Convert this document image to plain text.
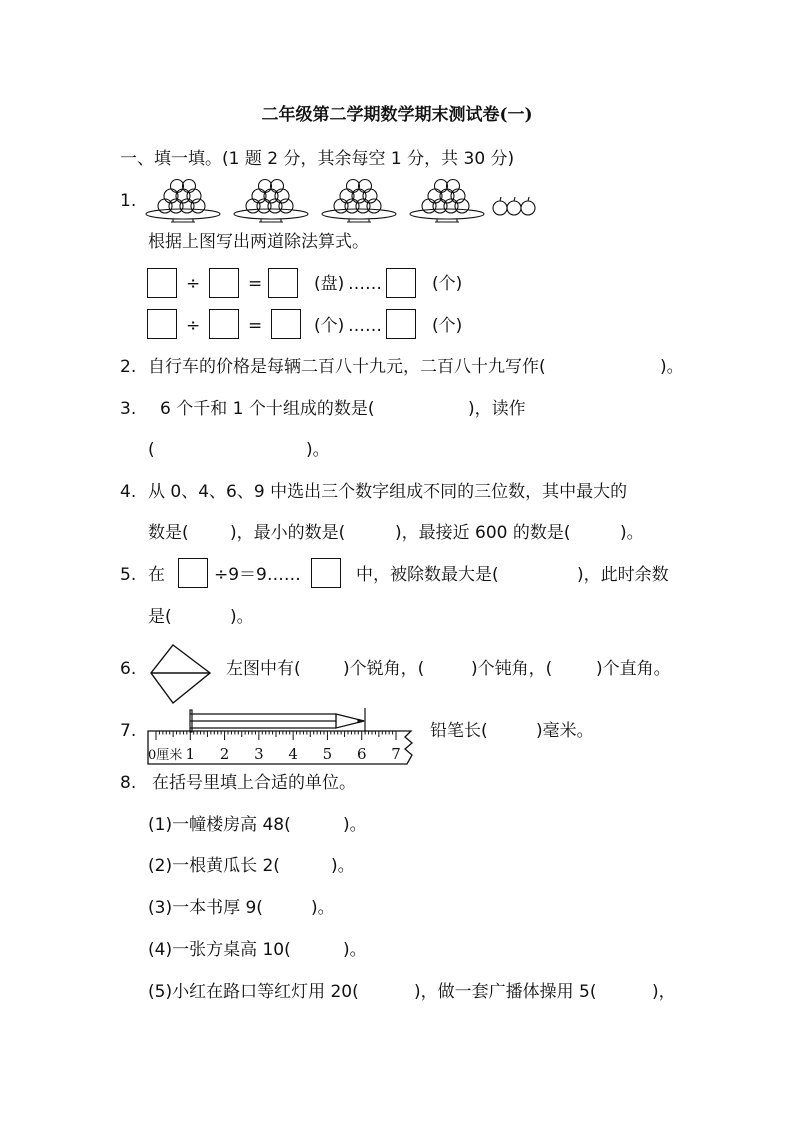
二年级第二学期数学期末测试卷(一)
一、填一填。(1 题 2 分，其余每空 1 分，共 30 分)
1.
根据上图写出两道除法算式。
÷	=	(盘) ……	(个)
÷	=	(个) ……	(个)
2. 自行车的价格是每辆二百八十九元，二百八十九写作(	)。
3. 6 个千和 1 个十组成的数是(	)，读作
(	)。
4. 从 0、4、6、9 中选出三个数字组成不同的三位数，其中最大的
数是( )，最小的数是(	)，最接近 600 的数是(	)。
5. 在	÷9＝9……	中，被除数最大是(	)，此时余数
是(	)。
6.	左图中有( )个锐角，(	)个钝角，(	)个直角。
7.
0厘米 1 2 3 4 5 6 7
铅笔长(	)毫米。
8. 在括号里填上合适的单位。
(1)一幢楼房高 48(	)。
(2)一根黄瓜长 2(	)。
(3)一本书厚 9(	)。
(4)一张方桌高 10(	)。
(5)小红在路口等红灯用 20(	)，做一套广播体操用 5(	)，
